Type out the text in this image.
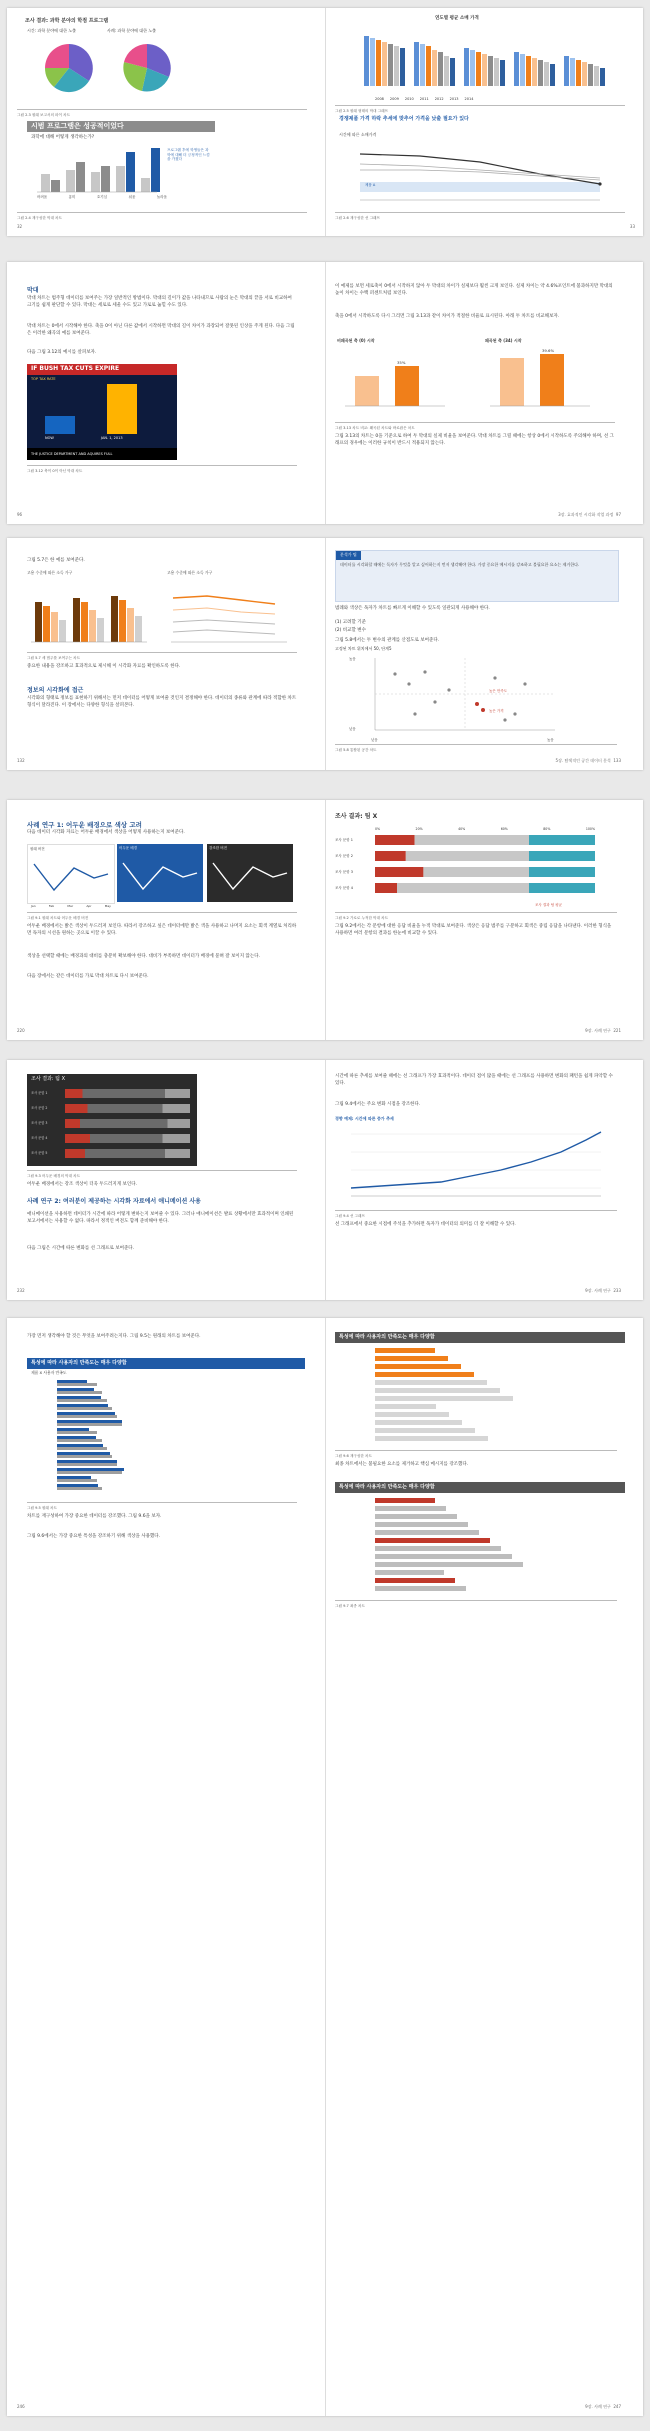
조사 결과: 과학 분야의 학점 프로그램
시간: 과학 분야에 대한 노출	사례: 과학 분야에 대한 노출
그림 2.3 원래 보고서의 파이 차트
시범 프로그램은 성공적이었다
과학에 대해 어떻게 생각하는가?
어려움	흥미	호기심	쉬움	놀라움
프로그램 후에 학생들은 과학에 대해 더 긍정적인 느낌을 가졌다
그림 2.4 재구성한 막대 차트
32
연도별 평균 소매 가격
2008 2009 2010 2011 2012 2013 2014
그림 2.5 원래 형태의 막대 그래프
경쟁제품 가격 하락 추세에 맞추어 가격을 낮출 필요가 있다
시간에 따른 소매가격
제품 A
그림 2.6 재구성한 선 그래프
33
막대

막대 차트는 범주형 데이터를 보여주는 가장 일반적인 방법이다. 막대의 길이가 값을 나타내므로 사람의 눈은 막대의 끝을 서로 비교하여 크기를 쉽게 판단할 수 있다. 막대는 세로로 세울 수도 있고 가로로 눕힐 수도 있다.

막대 차트는 0에서 시작해야 한다. 축을 0이 아닌 다른 값에서 시작하면 막대의 길이 차이가 과장되어 잘못된 인상을 주게 된다. 다음 그림은 이러한 왜곡의 예를 보여준다.

다음 그림 3.12의 예시를 살펴보자.

IF BUSH TAX CUTS EXPIRE
TOP TAX RATE
NOW	JAN. 1, 2013
THE JUSTICE DEPARTMENT AND AQUIRES FULL
그림 3.12 축이 0이 아닌 막대 차트
96

이 예제를 보면 세로축이 0에서 시작하지 않아 두 막대의 차이가 실제보다 훨씬 크게 보인다. 실제 차이는 약 4.6%포인트에 불과하지만 막대의 높이 차이는 수백 퍼센트처럼 보인다.

축을 0에서 시작하도록 다시 그리면 그림 3.13과 같이 차이가 적절한 비율로 표시된다. 아래 두 차트를 비교해보자.

비왜곡된 축 (0) 시작	왜곡된 축 (34) 시작
35%
39.6%
그림 3.13 차트 비교: 왜곡된 차트와 바로잡은 차트

그림 3.13의 차트는 0을 기준으로 하여 두 막대의 실제 비율을 보여준다. 막대 차트를 그릴 때에는 항상 0에서 시작하도록 주의해야 하며, 선 그래프의 경우에는 이러한 규칙이 반드시 적용되지 않는다.

3장. 효과적인 시각화 작업 과정 97

그림 5.7은 한 예를 보여준다.

고용 수준에 따른 소득 가구	고용 수준에 따른 소득 가구
그림 5.7 세 범주를 보여주는 차트

중요한 내용을 강조하고 효과적으로 제시해 이 시각화 자료를 확인하도록 한다.

정보의 시각화에 접근

시각화의 형태로 정보를 표현하기 위해서는 먼저 데이터를 어떻게 보여줄 것인지 결정해야 한다. 데이터의 종류와 관계에 따라 적합한 차트 형식이 달라진다. 이 장에서는 다양한 형식을 살펴본다.

132
분석가 팁
데이터를 시각화할 때에는 독자가 무엇을 알고 싶어하는지 먼저 생각해야 한다. 가장 중요한 메시지를 강조하고 불필요한 요소는 제거한다.

범례와 색상은 독자가 차트를 빠르게 이해할 수 있도록 일관되게 사용해야 한다.

(1) 고려할 기준
(2) 비교할 변수

그림 5.8에서는 두 변수의 관계를 산점도로 보여준다.

고정된 차트 위치에서 50, 단계5
높음
낮음
낮음	높음
높은 만족도
높은 가격
그림 5.8 통합된 공간 차트
5장. 탐색적인 공간 데이터 분석 133
사례 연구 1: 어두운 배경으로 색상 고려

다음 데이터 시각화 자료는 어두운 배경에서 색상을 어떻게 사용하는지 보여준다.

원래 버전	어두운 배경	강조한 버전
Jan	Feb	Mar	Apr	May
그림 9.1 원래 차트와 어두운 배경 버전

어두운 배경에서는 밝은 색상이 두드러져 보인다. 따라서 강조하고 싶은 데이터에만 밝은 색을 사용하고 나머지 요소는 회색 계열로 처리하면 독자의 시선을 원하는 곳으로 이끌 수 있다.

색상을 선택할 때에는 배경과의 대비를 충분히 확보해야 한다. 대비가 부족하면 데이터가 배경에 묻혀 잘 보이지 않는다.

다음 장에서는 같은 데이터를 가로 막대 차트로 다시 보여준다.

220
조사 결과: 팀 X
0%	20%	40%	60%	80%	100%
조사 문항 1
조사 문항 2
조사 문항 3
조사 문항 4
조사 결과 팀 평균
그림 9.2 가로로 누적한 막대 차트

그림 9.2에서는 각 문항에 대한 응답 비율을 누적 막대로 보여준다. 색상은 응답 범주를 구분하고 회색은 중립 응답을 나타낸다. 이러한 형식을 사용하면 여러 문항의 결과를 한눈에 비교할 수 있다.

9장. 사례 연구 221
조사 결과: 팀 X
조사 문항 1
조사 문항 2
조사 문항 3
조사 문항 4
조사 문항 5
그림 9.3 어두운 배경의 막대 차트

어두운 배경에서는 강조 색상이 더욱 두드러지게 보인다.

사례 연구 2: 여러분이 제공하는 시각화 자료에서 애니메이션 사용

애니메이션을 사용하면 데이터가 시간에 따라 어떻게 변하는지 보여줄 수 있다. 그러나 애니메이션은 발표 상황에서만 효과적이며 인쇄된 보고서에서는 사용할 수 없다. 따라서 정적인 버전도 함께 준비해야 한다.

다음 그림은 시간에 따른 변화를 선 그래프로 보여준다.

232

시간에 따른 추세를 보여줄 때에는 선 그래프가 가장 효과적이다. 데이터 점이 많을 때에는 선 그래프를 사용하면 변화의 패턴을 쉽게 파악할 수 있다.

그림 9.4에서는 주요 변화 시점을 강조한다.

경향 예제: 시간에 따른 증가 추세
그림 9.4 선 그래프

선 그래프에서 중요한 시점에 주석을 추가하면 독자가 데이터의 의미를 더 잘 이해할 수 있다.

9장. 사례 연구 233

가장 먼저 생각해야 할 것은 무엇을 보여주려는지다. 그림 9.5는 원래의 차트를 보여준다.

특성에 따라 사용자의 만족도는 매우 다양함
제품 X 사용자 만족도
그림 9.5 원래 차트

차트를 재구성하여 가장 중요한 데이터를 강조했다. 그림 9.6을 보자.

그림 9.6에서는 가장 중요한 특성을 강조하기 위해 색상을 사용했다.

246
특성에 따라 사용자의 만족도는 매우 다양함
그림 9.6 재구성한 차트

최종 차트에서는 불필요한 요소를 제거하고 핵심 메시지를 강조했다.

특성에 따라 사용자의 만족도는 매우 다양함
그림 9.7 최종 차트
9장. 사례 연구 247
